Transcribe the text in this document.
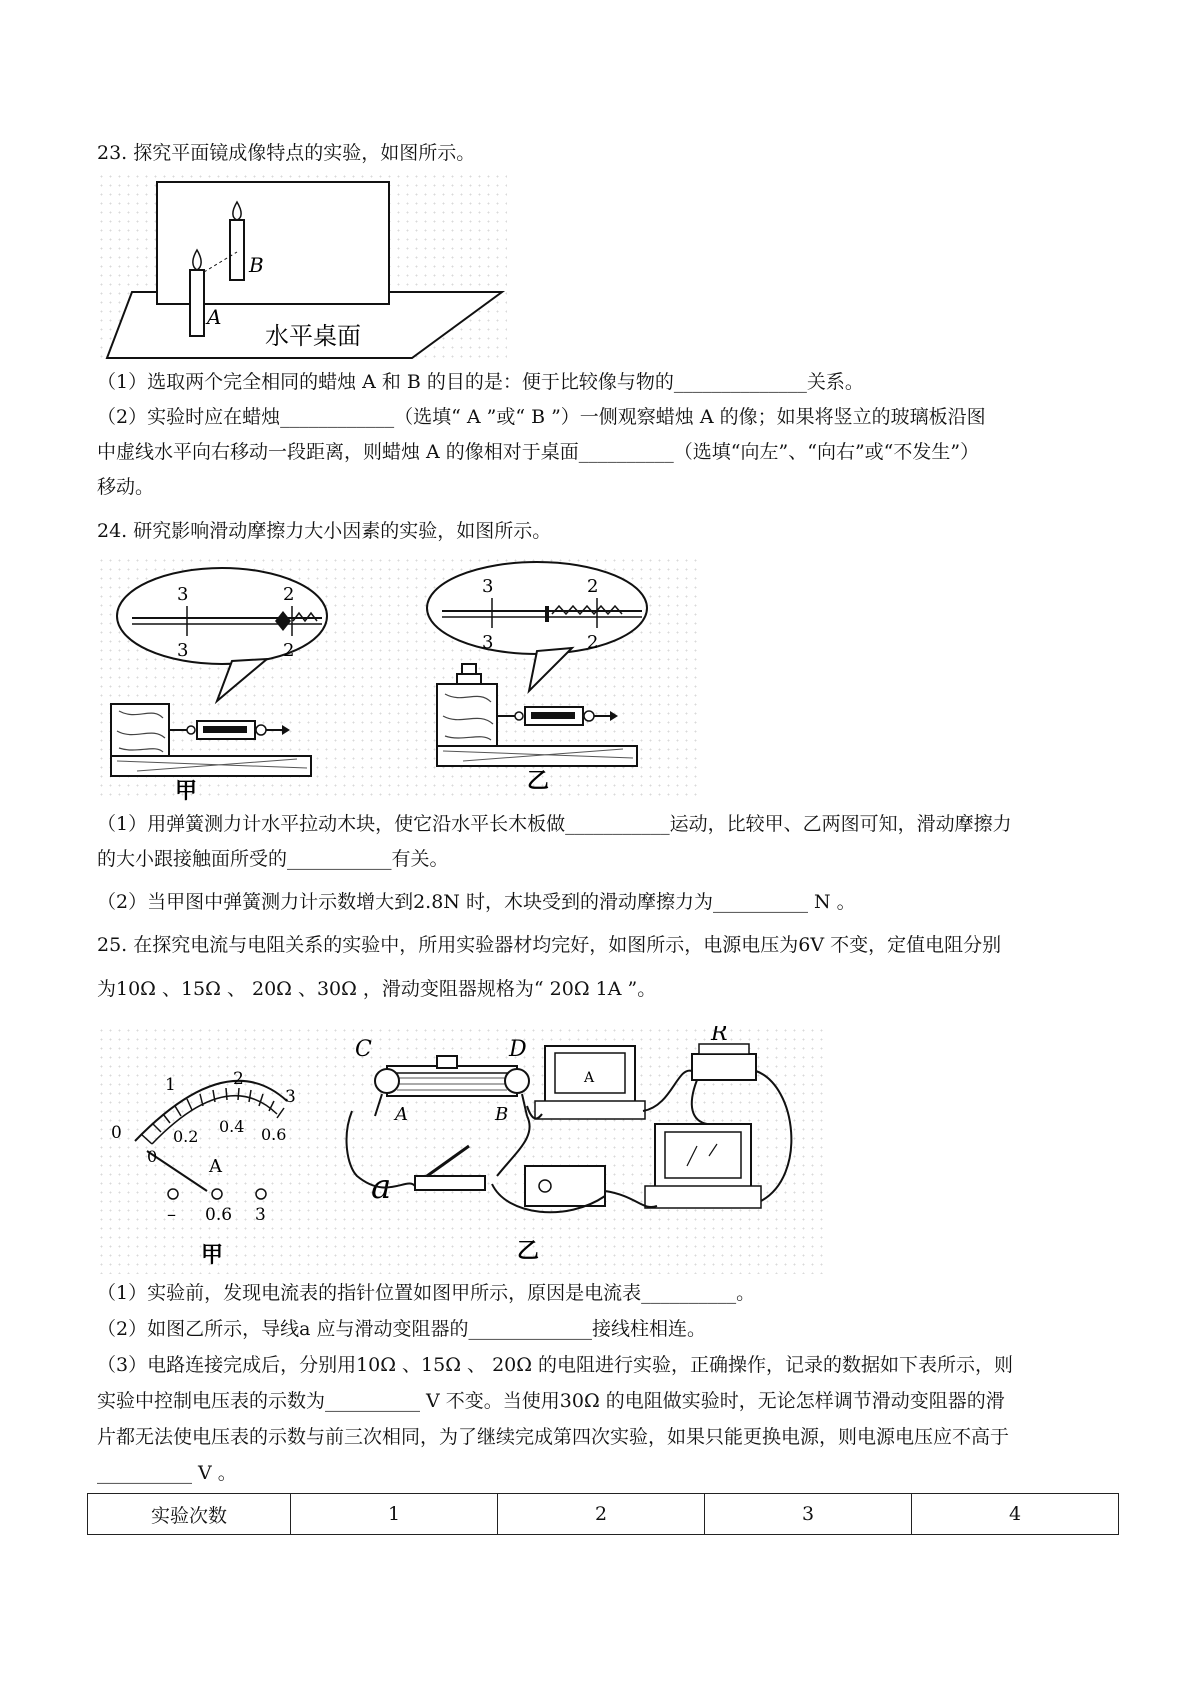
23. 探究平面镜成像特点的实验，如图所示。
B
A
水平桌面
（1）选取两个完全相同的蜡烛 A 和 B 的目的是：便于比较像与物的______________关系。
（2）实验时应在蜡烛____________（选填“ A ”或“ B ”）一侧观察蜡烛 A 的像；如果将竖立的玻璃板沿图
中虚线水平向右移动一段距离，则蜡烛 A 的像相对于桌面__________（选填“向左”、“向右”或“不发生”）
移动。
24. 研究影响滑动摩擦力大小因素的实验，如图所示。
3	2
3	2
甲
3	2
3	2
乙
（1）用弹簧测力计水平拉动木块，使它沿水平长木板做___________运动，比较甲、乙两图可知，滑动摩擦力
的大小跟接触面所受的___________有关。
（2）当甲图中弹簧测力计示数增大到2.8N 时，木块受到的滑动摩擦力为__________ N 。
25. 在探究电流与电阻关系的实验中，所用实验器材均完好，如图所示，电源电压为6V 不变，定值电阻分别
为10Ω 、15Ω 、 20Ω 、30Ω ，滑动变阻器规格为“ 20Ω 1A ”。
0
1	2
3
0
0.2
0.4 0.6
A
– 0.6 3
甲
C	D
A	B
A
R
a
乙
（1）实验前，发现电流表的指针位置如图甲所示，原因是电流表__________。
（2）如图乙所示，导线a 应与滑动变阻器的_____________接线柱相连。
（3）电路连接完成后，分别用10Ω 、15Ω 、 20Ω 的电阻进行实验，正确操作，记录的数据如下表所示，则
实验中控制电压表的示数为__________ V 不变。当使用30Ω 的电阻做实验时，无论怎样调节滑动变阻器的滑
片都无法使电压表的示数与前三次相同，为了继续完成第四次实验，如果只能更换电源，则电源电压应不高于
__________ V 。
实验次数	1	2	3	4
